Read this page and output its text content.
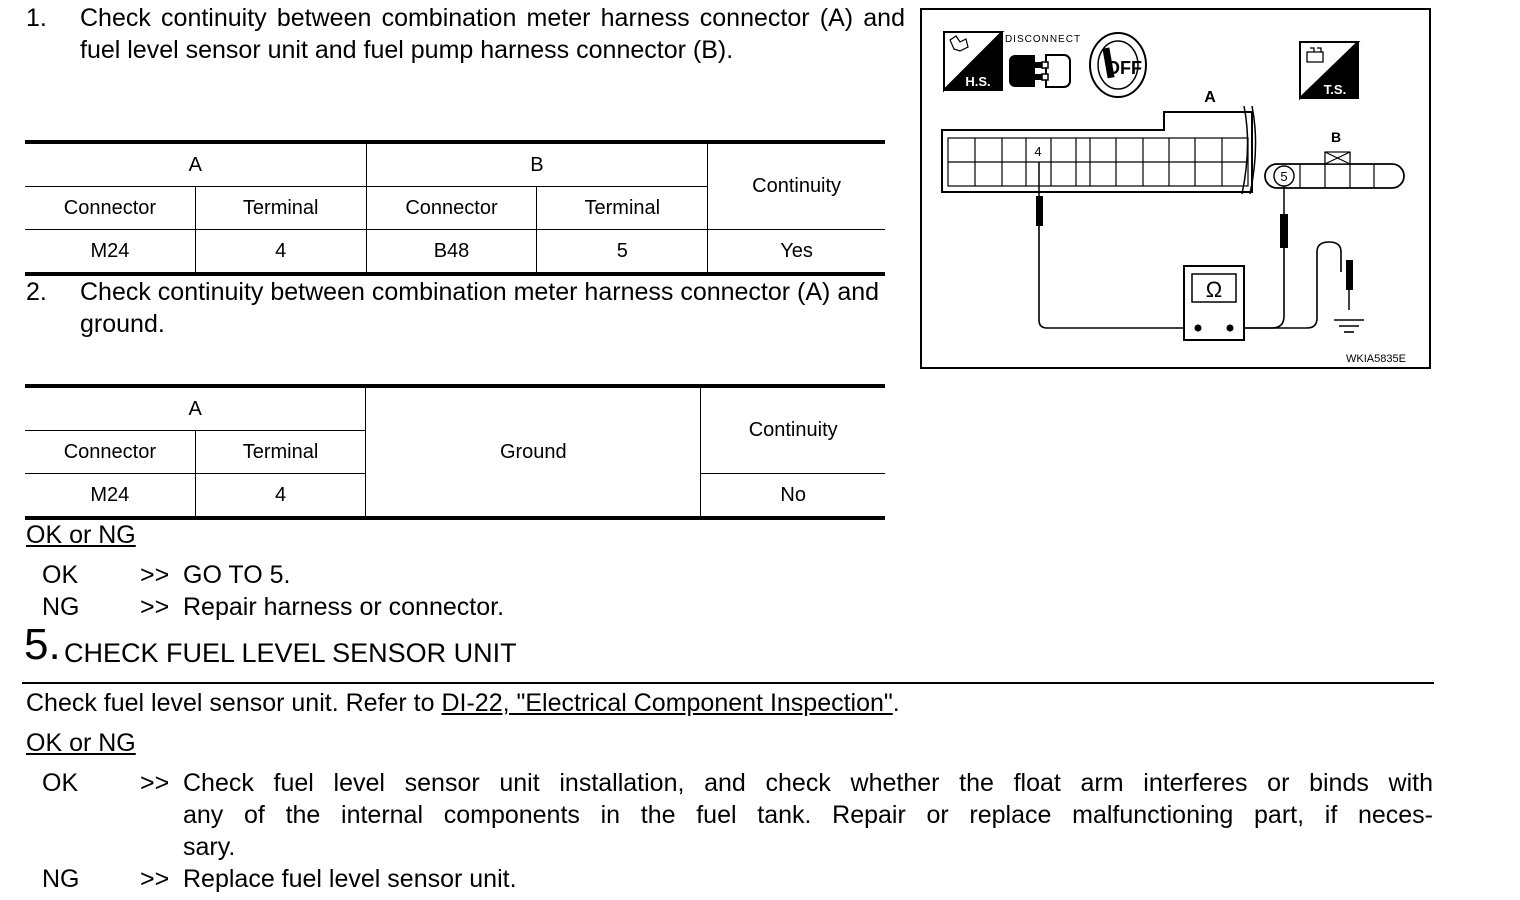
1. Check continuity between combination meter harness connector (A) and fuel level sensor unit and fuel pump harness connector (B).
A		B		Continuity
Connector	Terminal	Connector	Terminal	
M24	4	B48	5	Yes
2. Check continuity between combination meter harness connector (A) and ground.
A		Ground	Continuity
Connector	Terminal		
M24	4		No
OK or NG
OK >> GO TO 5.
NG >> Repair harness or connector.
5. CHECK FUEL LEVEL SENSOR UNIT
Check fuel level sensor unit. Refer to DI-22, "Electrical Component Inspection".
OK or NG
OK >> Check fuel level sensor unit installation, and check whether the float arm interferes or binds with
any of the internal components in the fuel tank. Repair or replace malfunctioning part, if neces-
sary.
NG >> Replace fuel level sensor unit.
H.S.
DISCONNECT
OFF
T.S.
A
4
B
5
Ω
WKIA5835E
